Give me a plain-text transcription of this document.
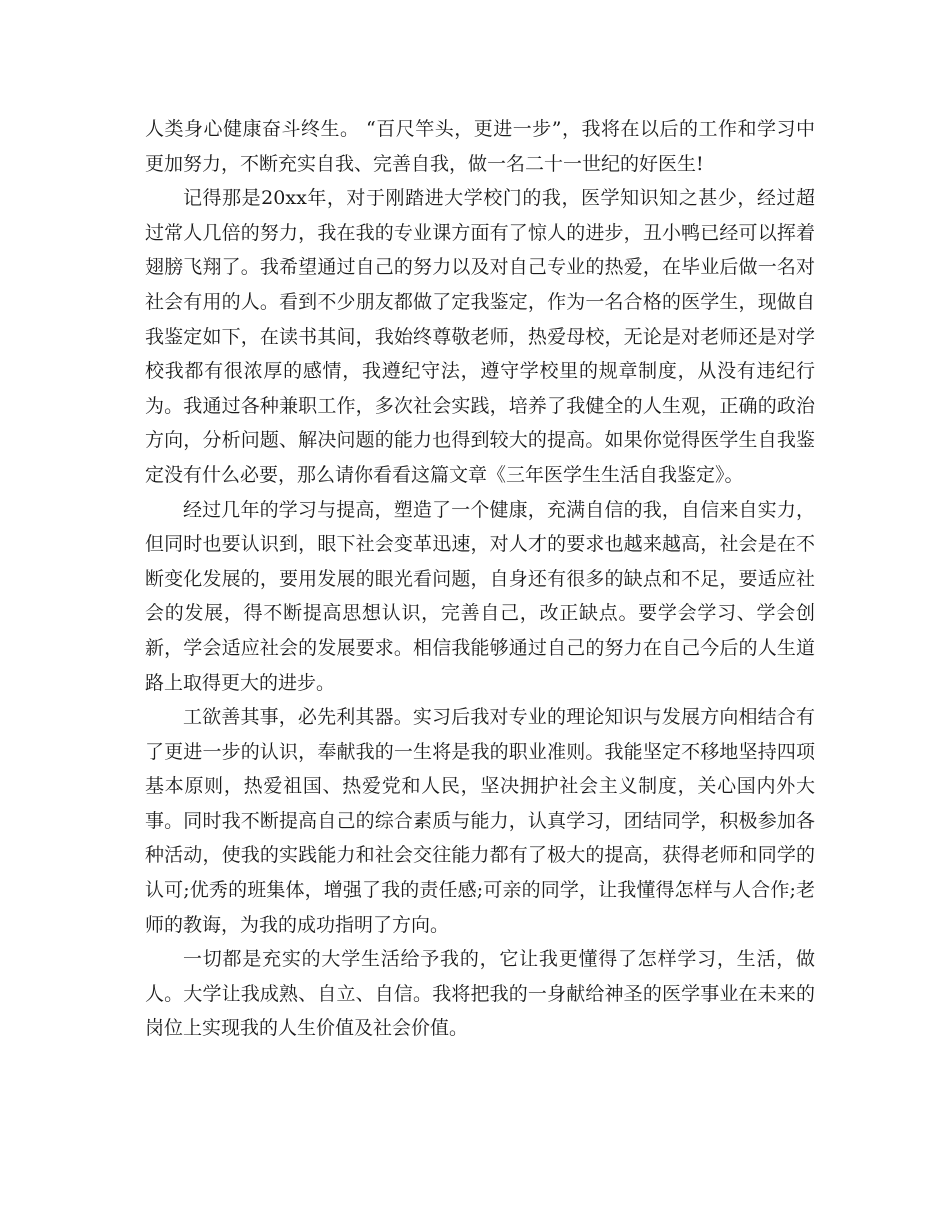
人类身心健康奋斗终生。 “百尺竿头，更进一步”，我将在以后的工作和学习中更加努力，不断充实自我、完善自我，做一名二十一世纪的好医生!

记得那是20xx年，对于刚踏进大学校门的我，医学知识知之甚少，经过超过常人几倍的努力，我在我的专业课方面有了惊人的进步，丑小鸭已经可以挥着翅膀飞翔了。我希望通过自己的努力以及对自己专业的热爱，在毕业后做一名对社会有用的人。看到不少朋友都做了定我鉴定，作为一名合格的医学生，现做自我鉴定如下，在读书其间，我始终尊敬老师，热爱母校，无论是对老师还是对学校我都有很浓厚的感情，我遵纪守法，遵守学校里的规章制度，从没有违纪行为。我通过各种兼职工作，多次社会实践，培养了我健全的人生观，正确的政治方向，分析问题、解决问题的能力也得到较大的提高。如果你觉得医学生自我鉴定没有什么必要，那么请你看看这篇文章《三年医学生生活自我鉴定》。

经过几年的学习与提高，塑造了一个健康，充满自信的我，自信来自实力，但同时也要认识到，眼下社会变革迅速，对人才的要求也越来越高，社会是在不断变化发展的，要用发展的眼光看问题，自身还有很多的缺点和不足，要适应社会的发展，得不断提高思想认识，完善自己，改正缺点。要学会学习、学会创新，学会适应社会的发展要求。相信我能够通过自己的努力在自己今后的人生道路上取得更大的进步。

工欲善其事，必先利其器。实习后我对专业的理论知识与发展方向相结合有了更进一步的认识，奉献我的一生将是我的职业准则。我能坚定不移地坚持四项基本原则，热爱祖国、热爱党和人民，坚决拥护社会主义制度，关心国内外大事。同时我不断提高自己的综合素质与能力，认真学习，团结同学，积极参加各种活动，使我的实践能力和社会交往能力都有了极大的提高，获得老师和同学的认可;优秀的班集体，增强了我的责任感;可亲的同学，让我懂得怎样与人合作;老师的教诲，为我的成功指明了方向。

一切都是充实的大学生活给予我的，它让我更懂得了怎样学习，生活，做人。大学让我成熟、自立、自信。我将把我的一身献给神圣的医学事业在未来的岗位上实现我的人生价值及社会价值。
